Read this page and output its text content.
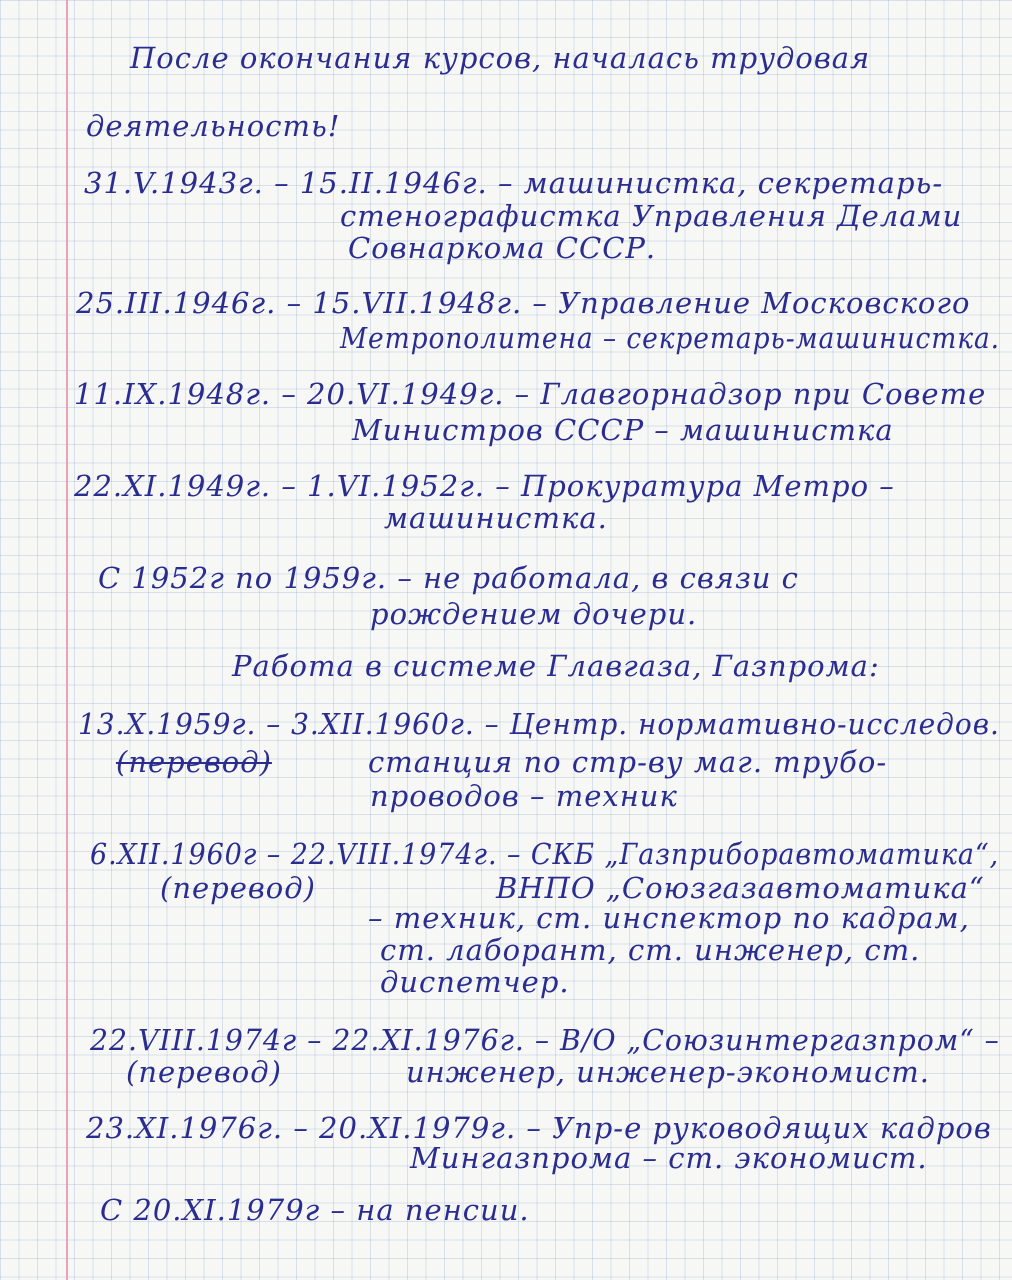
После окончания курсов, началась трудовая
деятельность!
31.V.1943г. – 15.II.1946г. – машинистка, секретарь-
стенографистка Управления Делами
Совнаркома СССР.
25.III.1946г. – 15.VII.1948г. – Управление Московского
Метрополитена – секретарь-машинистка.
11.IX.1948г. – 20.VI.1949г. – Главгорнадзор при Совете
Министров СССР – машинистка
22.XI.1949г. – 1.VI.1952г. – Прокуратура Метро –
машинистка.
С 1952г по 1959г. – не работала, в связи с
рождением дочери.
Работа в системе Главгаза, Газпрома:
13.X.1959г. – 3.XII.1960г. – Центр. нормативно-исследов.
(перевод)	станция по стр-ву маг. трубо-
проводов – техник
6.XII.1960г – 22.VIII.1974г. – СКБ „Газприборавтоматика“,
(перевод)	ВНПО „Союзгазавтоматика“
– техник, ст. инспектор по кадрам,
ст. лаборант, ст. инженер, ст.
диспетчер.
22.VIII.1974г – 22.XI.1976г. – В/О „Союзинтергазпром“ –
(перевод)	инженер, инженер-экономист.
23.XI.1976г. – 20.XI.1979г. – Упр-е руководящих кадров
Мингазпрома – ст. экономист.
С 20.XI.1979г – на пенсии.
